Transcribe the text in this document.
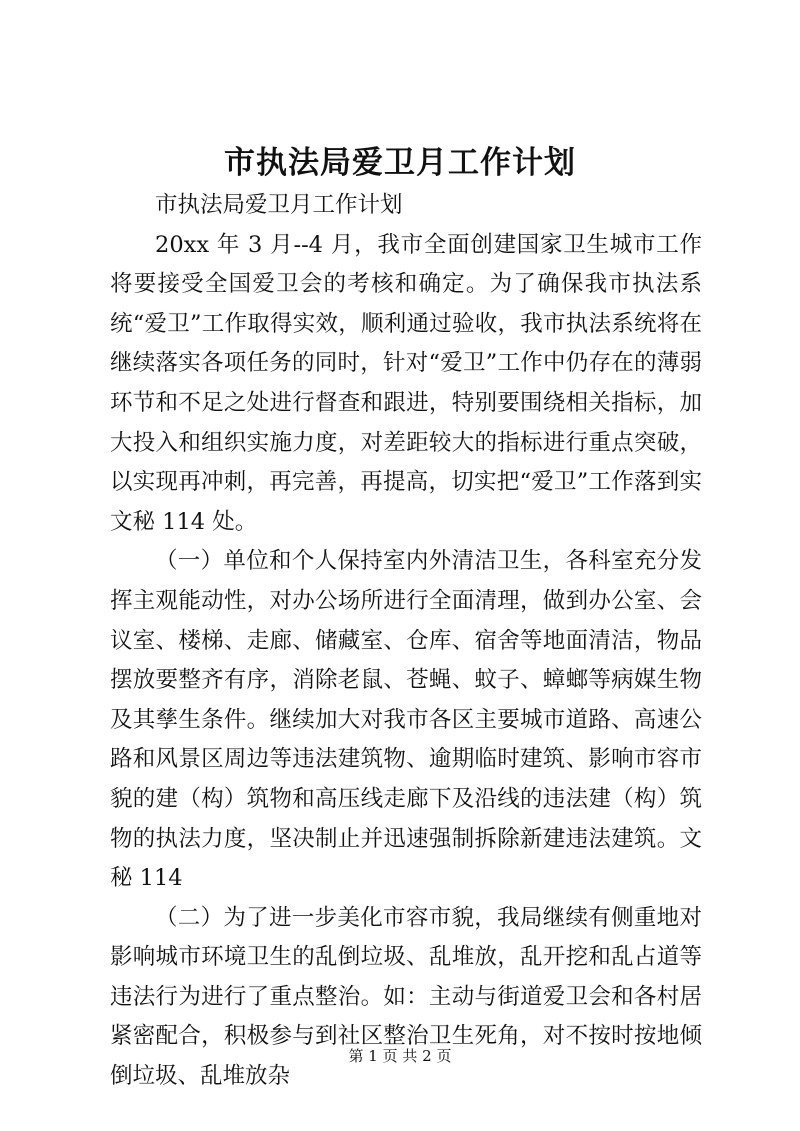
市执法局爱卫月工作计划

市执法局爱卫月工作计划

20xx 年 3 月--4 月，我市全面创建国家卫生城市工作将要接受全国爱卫会的考核和确定。为了确保我市执法系统“爱卫”工作取得实效，顺利通过验收，我市执法系统将在继续落实各项任务的同时，针对“爱卫”工作中仍存在的薄弱环节和不足之处进行督查和跟进，特别要围绕相关指标，加大投入和组织实施力度，对差距较大的指标进行重点突破，以实现再冲刺，再完善，再提高，切实把“爱卫”工作落到实文秘 114 处。

（一）单位和个人保持室内外清洁卫生，各科室充分发挥主观能动性，对办公场所进行全面清理，做到办公室、会议室、楼梯、走廊、储藏室、仓库、宿舍等地面清洁，物品摆放要整齐有序，消除老鼠、苍蝇、蚊子、蟑螂等病媒生物及其孳生条件。继续加大对我市各区主要城市道路、高速公路和风景区周边等违法建筑物、逾期临时建筑、影响市容市貌的建（构）筑物和高压线走廊下及沿线的违法建（构）筑物的执法力度，坚决制止并迅速强制拆除新建违法建筑。文秘 114

（二）为了进一步美化市容市貌，我局继续有侧重地对影响城市环境卫生的乱倒垃圾、乱堆放，乱开挖和乱占道等违法行为进行了重点整治。如：主动与街道爱卫会和各村居紧密配合，积极参与到社区整治卫生死角，对不按时按地倾倒垃圾、乱堆放杂

第 1 页 共 2 页
